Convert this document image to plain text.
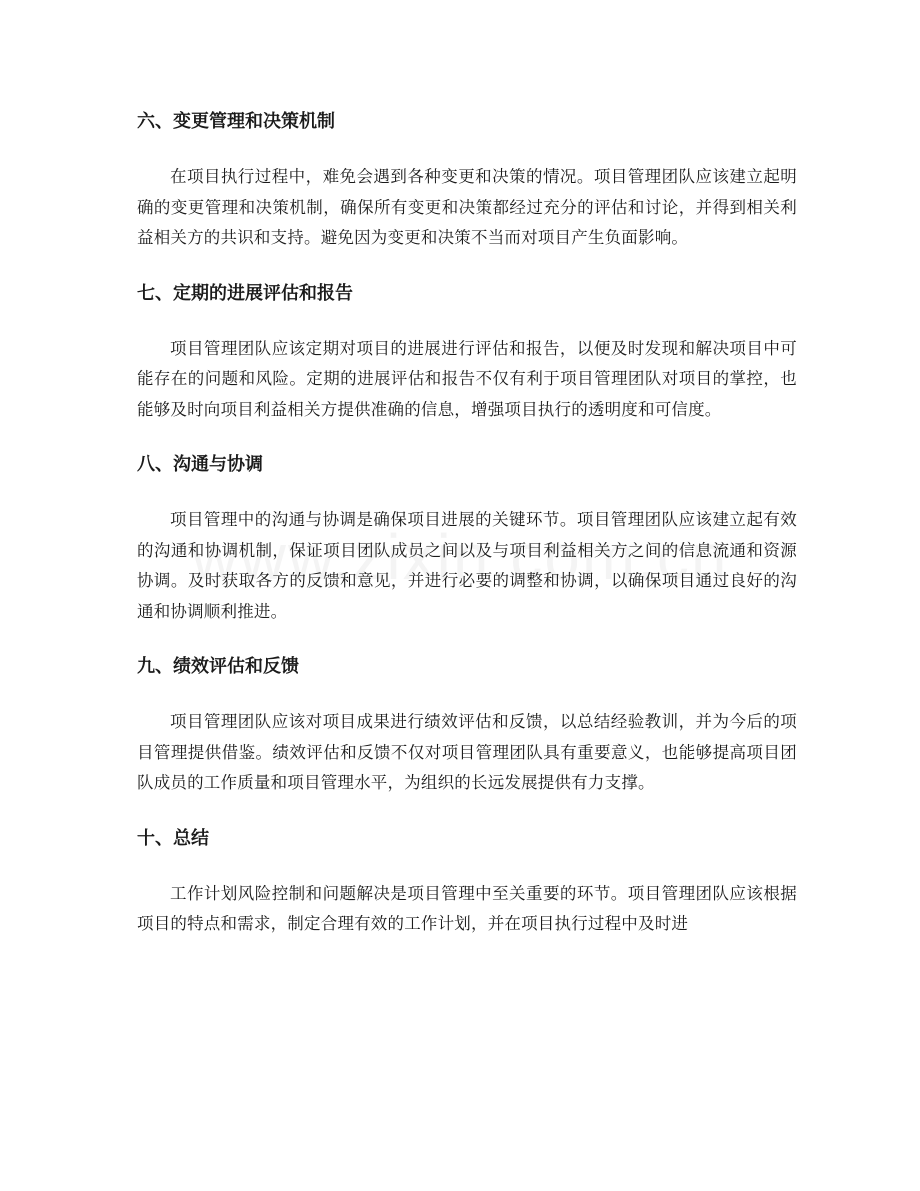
六、变更管理和决策机制

在项目执行过程中，难免会遇到各种变更和决策的情况。项目管理团队应该建立起明确的变更管理和决策机制，确保所有变更和决策都经过充分的评估和讨论，并得到相关利益相关方的共识和支持。避免因为变更和决策不当而对项目产生负面影响。

七、定期的进展评估和报告

项目管理团队应该定期对项目的进展进行评估和报告，以便及时发现和解决项目中可能存在的问题和风险。定期的进展评估和报告不仅有利于项目管理团队对项目的掌控，也能够及时向项目利益相关方提供准确的信息，增强项目执行的透明度和可信度。

八、沟通与协调

项目管理中的沟通与协调是确保项目进展的关键环节。项目管理团队应该建立起有效的沟通和协调机制，保证项目团队成员之间以及与项目利益相关方之间的信息流通和资源协调。及时获取各方的反馈和意见，并进行必要的调整和协调，以确保项目通过良好的沟通和协调顺利推进。

九、绩效评估和反馈

项目管理团队应该对项目成果进行绩效评估和反馈，以总结经验教训，并为今后的项目管理提供借鉴。绩效评估和反馈不仅对项目管理团队具有重要意义，也能够提高项目团队成员的工作质量和项目管理水平，为组织的长远发展提供有力支撑。

十、总结

工作计划风险控制和问题解决是项目管理中至关重要的环节。项目管理团队应该根据项目的特点和需求，制定合理有效的工作计划，并在项目执行过程中及时进
